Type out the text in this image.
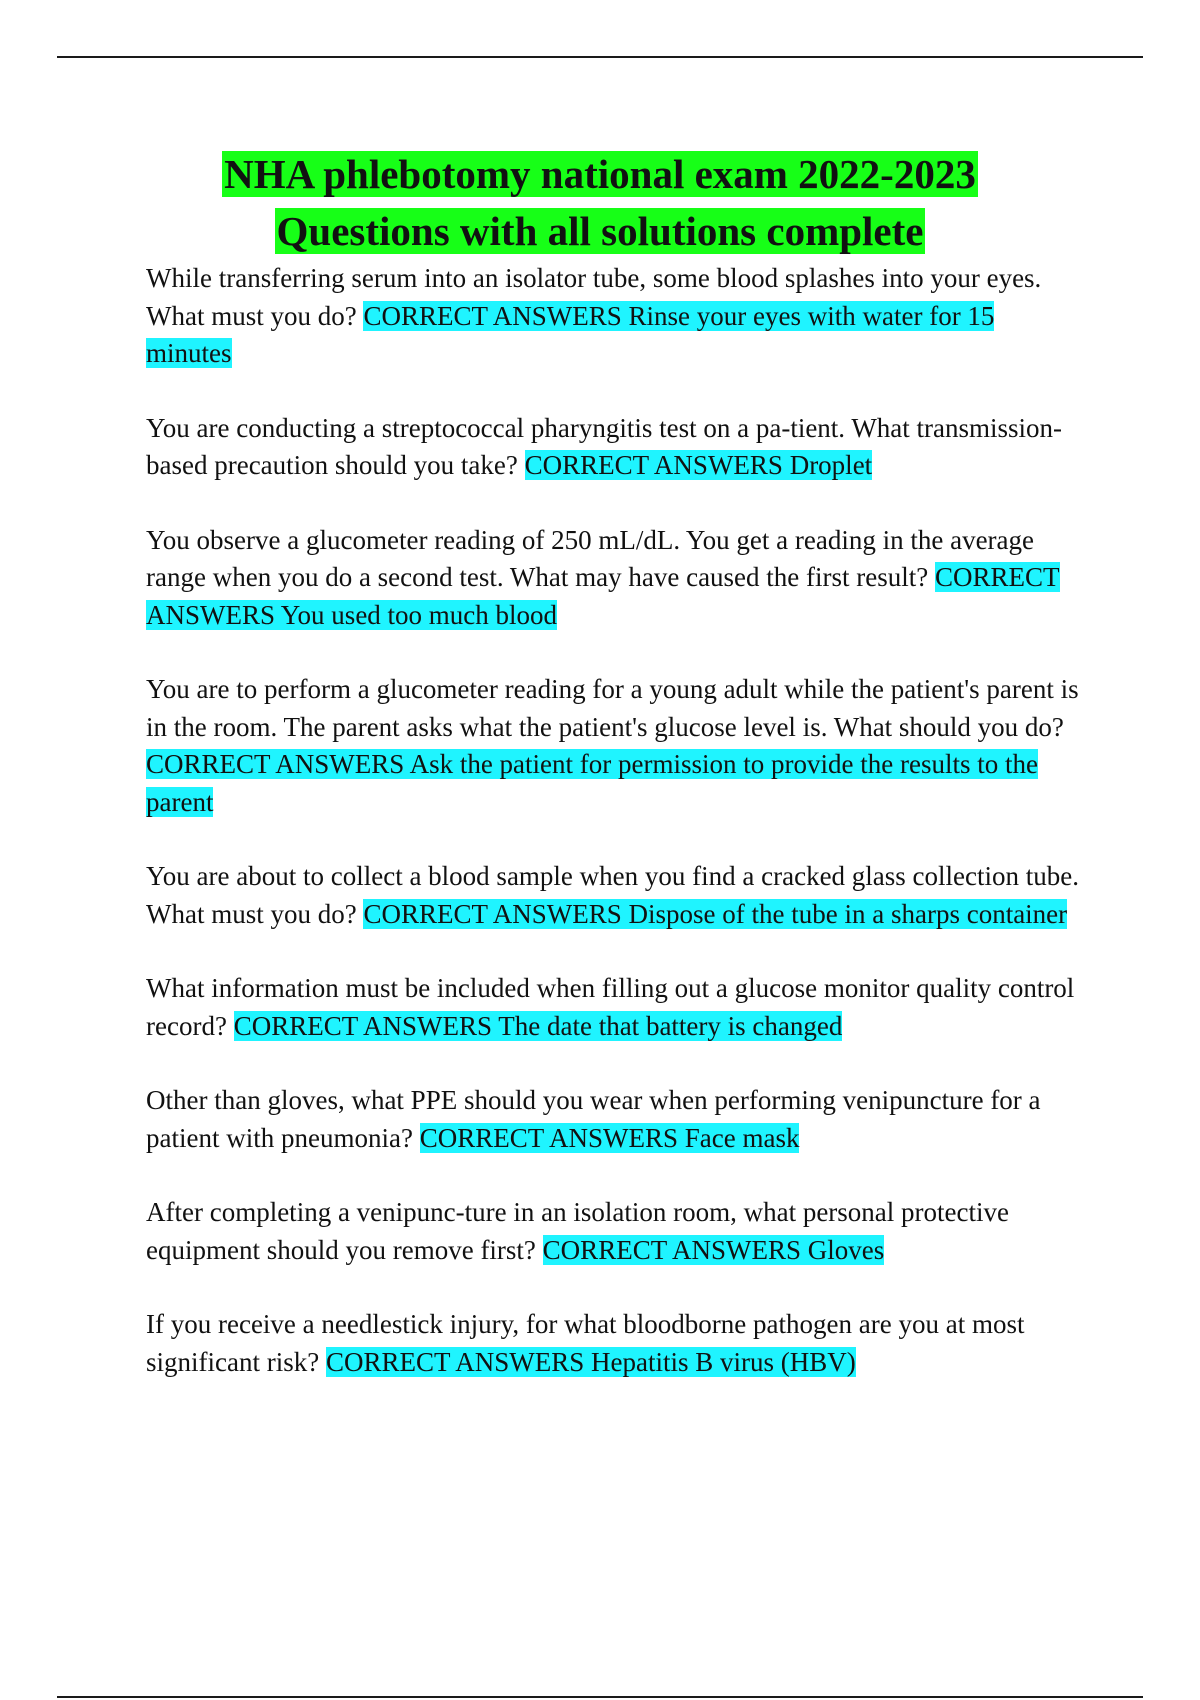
NHA phlebotomy national exam 2022-2023
Questions with all solutions complete

While transferring serum into an isolator tube, some blood splashes into your eyes. What must you do? CORRECT ANSWERS Rinse your eyes with water for 15 minutes

You are conducting a streptococcal pharyngitis test on a pa-tient. What transmission-based precaution should you take? CORRECT ANSWERS Droplet

You observe a glucometer reading of 250 mL/dL. You get a reading in the average range when you do a second test. What may have caused the first result? CORRECT ANSWERS You used too much blood

You are to perform a glucometer reading for a young adult while the patient's parent is in the room. The parent asks what the patient's glucose level is. What should you do? CORRECT ANSWERS Ask the patient for permission to provide the results to the parent

You are about to collect a blood sample when you find a cracked glass collection tube. What must you do? CORRECT ANSWERS Dispose of the tube in a sharps container

What information must be included when filling out a glucose monitor quality control record? CORRECT ANSWERS The date that battery is changed

Other than gloves, what PPE should you wear when performing venipuncture for a patient with pneumonia? CORRECT ANSWERS Face mask

After completing a venipunc-ture in an isolation room, what personal protective equipment should you remove first? CORRECT ANSWERS Gloves

If you receive a needlestick injury, for what bloodborne pathogen are you at most significant risk? CORRECT ANSWERS Hepatitis B virus (HBV)
